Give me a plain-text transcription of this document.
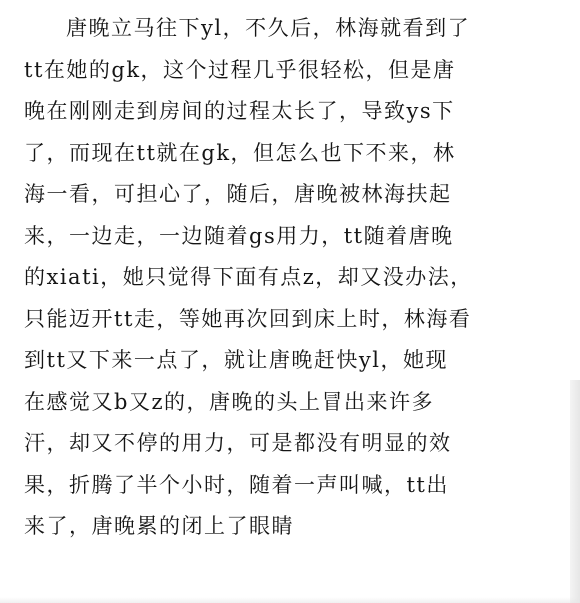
唐晚立马往下yl，不久后，林海就看到了
tt在她的gk，这个过程几乎很轻松，但是唐
晚在刚刚走到房间的过程太长了，导致ys下
了，而现在tt就在gk，但怎么也下不来，林
海一看，可担心了，随后，唐晚被林海扶起
来，一边走，一边随着gs用力，tt随着唐晚
的xiati，她只觉得下面有点z，却又没办法，
只能迈开tt走，等她再次回到床上时，林海看
到tt又下来一点了，就让唐晚赶快yl，她现
在感觉又b又z的，唐晚的头上冒出来许多
汗，却又不停的用力，可是都没有明显的效
果，折腾了半个小时，随着一声叫喊，tt出
来了，唐晚累的闭上了眼睛
